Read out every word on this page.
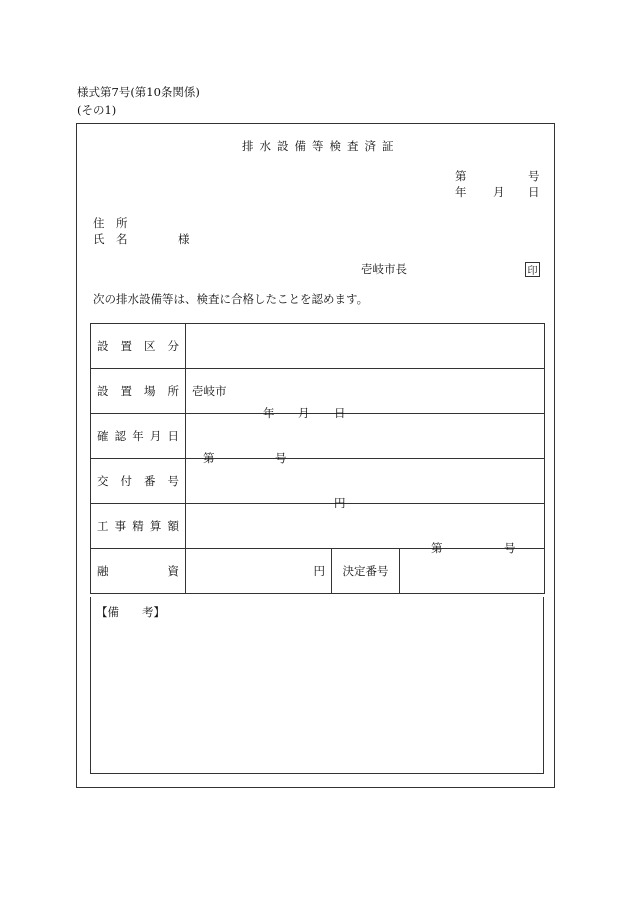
様式第7号(第10条関係)
(その1)
排水設備等検査済証
第	号
年 月 日
住　所
氏　名	様
壱岐市長	印
次の排水設備等は、検査に合格したことを認めます。
設 置 区 分			

設 置 場 所	壱岐市		

確 認 年 月 日	年 月 日		

交 付 番 号	第 号		

工 事 精 算 額	円		

融 資	円	決定番号	第 号
【備　　考】
